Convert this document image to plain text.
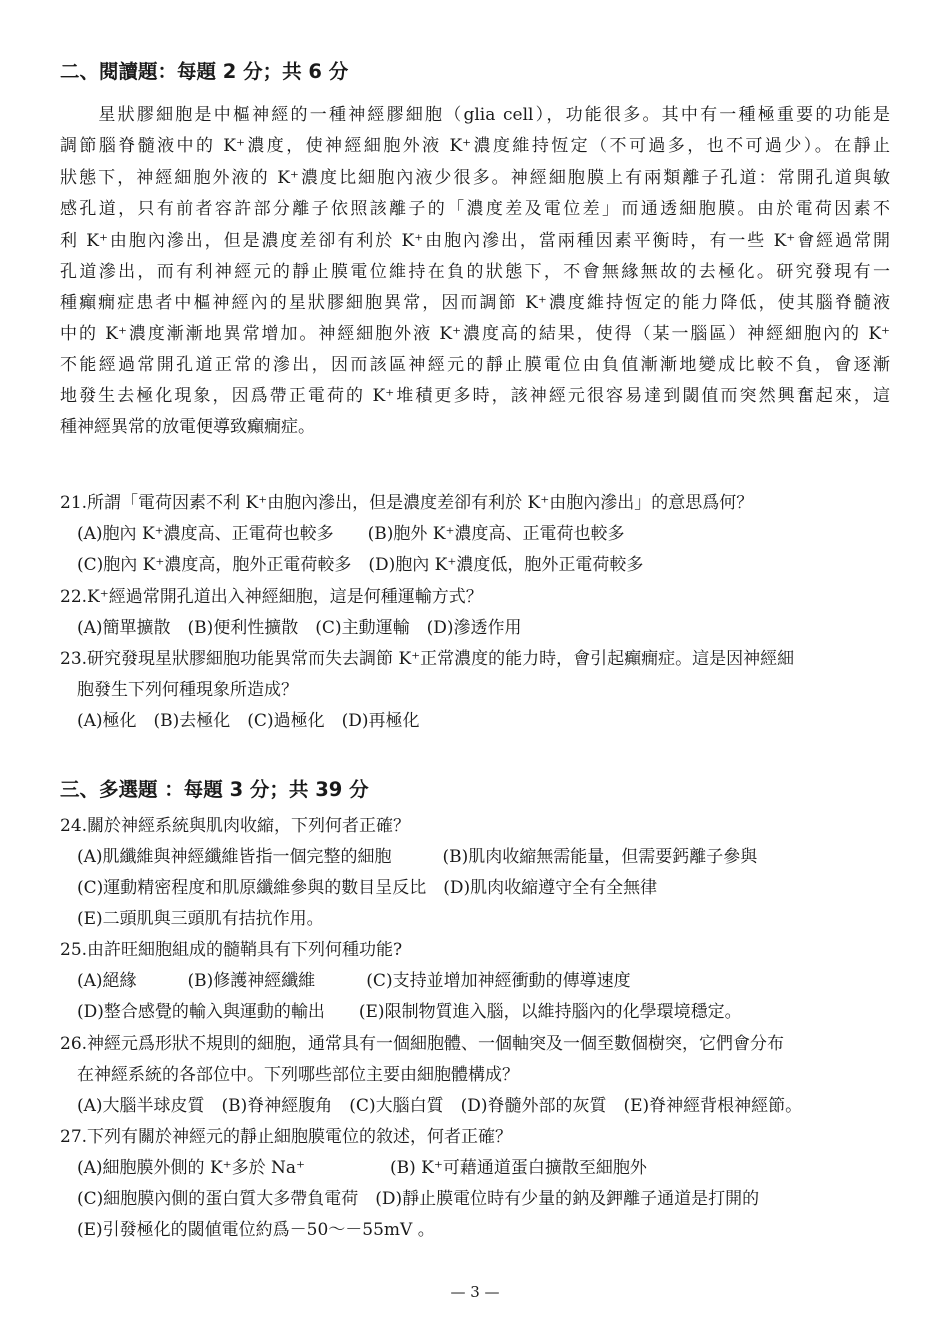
二、閱讀題：每題 2 分；共 6 分
　　星狀膠細胞是中樞神經的一種神經膠細胞（glia cell），功能很多。其中有一種極重要的功能是
調節腦脊髓液中的 K⁺濃度，使神經細胞外液 K⁺濃度維持恆定（不可過多，也不可過少）。在靜止
狀態下，神經細胞外液的 K⁺濃度比細胞內液少很多。神經細胞膜上有兩類離子孔道：常開孔道與敏
感孔道，只有前者容許部分離子依照該離子的「濃度差及電位差」而通透細胞膜。由於電荷因素不
利 K⁺由胞內滲出，但是濃度差卻有利於 K⁺由胞內滲出，當兩種因素平衡時，有一些 K⁺會經過常開
孔道滲出，而有利神經元的靜止膜電位維持在負的狀態下，不會無緣無故的去極化。研究發現有一
種癲癇症患者中樞神經內的星狀膠細胞異常，因而調節 K⁺濃度維持恆定的能力降低，使其腦脊髓液
中的 K⁺濃度漸漸地異常增加。神經細胞外液 K⁺濃度高的結果，使得（某一腦區）神經細胞內的 K⁺
不能經過常開孔道正常的滲出，因而該區神經元的靜止膜電位由負值漸漸地變成比較不負，會逐漸
地發生去極化現象，因爲帶正電荷的 K⁺堆積更多時，該神經元很容易達到閾值而突然興奮起來，這
種神經異常的放電便導致癲癇症。
21.所謂「電荷因素不利 K⁺由胞內滲出，但是濃度差卻有利於 K⁺由胞內滲出」的意思爲何？
　(A)胞內 K⁺濃度高、正電荷也較多　　(B)胞外 K⁺濃度高、正電荷也較多
　(C)胞內 K⁺濃度高，胞外正電荷較多　(D)胞內 K⁺濃度低，胞外正電荷較多
22.K⁺經過常開孔道出入神經細胞，這是何種運輸方式？
　(A)簡單擴散　(B)便利性擴散　(C)主動運輸　(D)滲透作用
23.研究發現星狀膠細胞功能異常而失去調節 K⁺正常濃度的能力時，會引起癲癇症。這是因神經細
　胞發生下列何種現象所造成？
　(A)極化　(B)去極化　(C)過極化　(D)再極化
三、多選題 ：每題 3 分；共 39 分
24.關於神經系統與肌肉收縮，下列何者正確？
　(A)肌纖維與神經纖維皆指一個完整的細胞　　　(B)肌肉收縮無需能量，但需要鈣離子參與
　(C)運動精密程度和肌原纖維參與的數目呈反比　(D)肌肉收縮遵守全有全無律
　(E)二頭肌與三頭肌有拮抗作用。
25.由許旺細胞組成的髓鞘具有下列何種功能?
　(A)絕緣　　　(B)修護神經纖維　　　(C)支持並增加神經衝動的傳導速度
　(D)整合感覺的輸入與運動的輸出　　(E)限制物質進入腦，以維持腦內的化學環境穩定。
26.神經元爲形狀不規則的細胞，通常具有一個細胞體、一個軸突及一個至數個樹突，它們會分布
　在神經系統的各部位中。下列哪些部位主要由細胞體構成？
　(A)大腦半球皮質　(B)脊神經腹角　(C)大腦白質　(D)脊髓外部的灰質　(E)脊神經背根神經節。
27.下列有關於神經元的靜止細胞膜電位的敘述，何者正確？
　(A)細胞膜外側的 K⁺多於 Na⁺　　　　　(B) K⁺可藉通道蛋白擴散至細胞外
　(C)細胞膜內側的蛋白質大多帶負電荷　(D)靜止膜電位時有少量的鈉及鉀離子通道是打開的
　(E)引發極化的閾値電位約爲－50～－55mV 。
— 3 —
